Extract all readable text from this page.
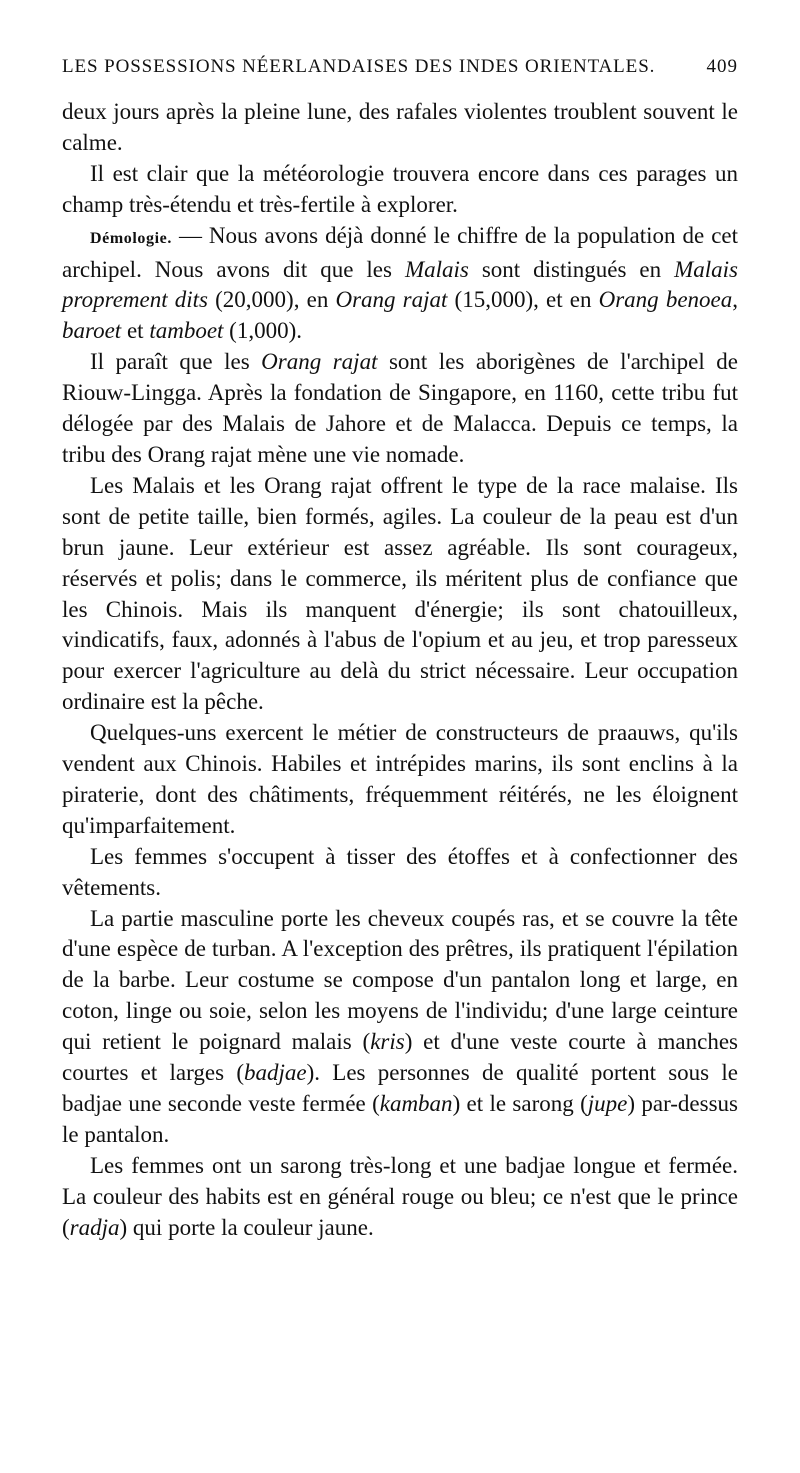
LES POSSESSIONS NÉERLANDAISES DES INDES ORIENTALES.	409

deux jours après la pleine lune, des rafales violentes troublent souvent le calme.

Il est clair que la météorologie trouvera encore dans ces parages un champ très-étendu et très-fertile à explorer.

Démologie. — Nous avons déjà donné le chiffre de la population de cet archipel. Nous avons dit que les Malais sont distingués en Malais proprement dits (20,000), en Orang rajat (15,000), et en Orang benoea, baroet et tamboet (1,000).

Il paraît que les Orang rajat sont les aborigènes de l'archipel de Riouw-Lingga. Après la fondation de Singapore, en 1160, cette tribu fut délogée par des Malais de Jahore et de Malacca. Depuis ce temps, la tribu des Orang rajat mène une vie nomade.

Les Malais et les Orang rajat offrent le type de la race malaise. Ils sont de petite taille, bien formés, agiles. La couleur de la peau est d'un brun jaune. Leur extérieur est assez agréable. Ils sont courageux, réservés et polis; dans le commerce, ils méritent plus de confiance que les Chinois. Mais ils manquent d'énergie; ils sont chatouilleux, vindicatifs, faux, adonnés à l'abus de l'opium et au jeu, et trop paresseux pour exercer l'agriculture au delà du strict nécessaire. Leur occupation ordinaire est la pêche.

Quelques-uns exercent le métier de constructeurs de praauws, qu'ils vendent aux Chinois. Habiles et intrépides marins, ils sont enclins à la piraterie, dont des châtiments, fréquemment réitérés, ne les éloignent qu'imparfaitement.

Les femmes s'occupent à tisser des étoffes et à confectionner des vêtements.

La partie masculine porte les cheveux coupés ras, et se couvre la tête d'une espèce de turban. A l'exception des prêtres, ils pratiquent l'épilation de la barbe. Leur costume se compose d'un pantalon long et large, en coton, linge ou soie, selon les moyens de l'individu; d'une large ceinture qui retient le poignard malais (kris) et d'une veste courte à manches courtes et larges (badjae). Les personnes de qualité portent sous le badjae une seconde veste fermée (kamban) et le sarong (jupe) par-dessus le pantalon.

Les femmes ont un sarong très-long et une badjae longue et fermée. La couleur des habits est en général rouge ou bleu; ce n'est que le prince (radja) qui porte la couleur jaune.
